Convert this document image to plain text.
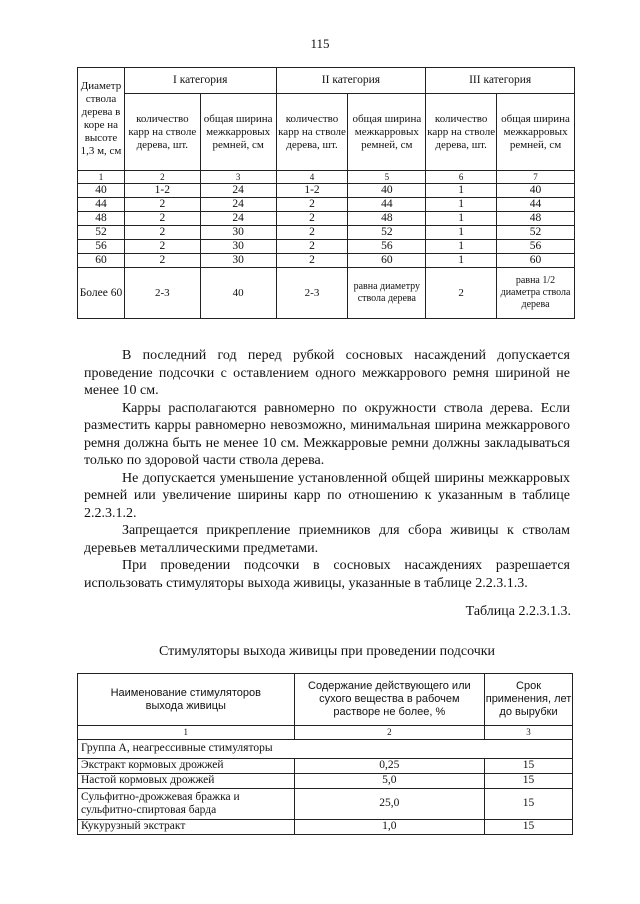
115
Диаметр ствола дерева в коре на высоте 1,3 м, см	I категория		II категория		III категория	
	количество карр на стволе дерева, шт.	общая ширина межкарровых ремней, см	количество карр на стволе дерева, шт.	общая ширина межкарровых ремней, см	количество карр на стволе дерева, шт.	общая ширина межкарровых ремней, см
1	2	3	4	5	6	7
40	1-2	24	1-2	40	1	40
44	2	24	2	44	1	44
48	2	24	2	48	1	48
52	2	30	2	52	1	52
56	2	30	2	56	1	56
60	2	30	2	60	1	60
Более 60	2-3	40	2-3	равна диаметру ствола дерева	2	равна 1/2 диаметра ствола дерева

В последний год перед рубкой сосновых насаждений допускается проведение подсочки с оставлением одного межкаррового ремня шириной не менее 10 см.

Карры располагаются равномерно по окружности ствола дерева. Если разместить карры равномерно невозможно, минимальная ширина межкаррового ремня должна быть не менее 10 см. Межкарровые ремни должны закладываться только по здоровой части ствола дерева.

Не допускается уменьшение установленной общей ширины межкарровых ремней или увеличение ширины карр по отношению к указанным в таблице 2.2.3.1.2.

Запрещается прикрепление приемников для сбора живицы к стволам деревьев металлическими предметами.

При проведении подсочки в сосновых насаждениях разрешается использовать стимуляторы выхода живицы, указанные в таблице 2.2.3.1.3.

Таблица 2.2.3.1.3.
Стимуляторы выхода живицы при проведении подсочки
Наименование стимуляторов выхода живицы	Содержание действующего или сухого вещества в рабочем растворе не более, %	Срок применения, лет до вырубки
1	2	3
Группа А, неагрессивные стимуляторы		
Экстракт кормовых дрожжей	0,25	15
Настой кормовых дрожжей	5,0	15
Сульфитно-дрожжевая бражка и сульфитно-спиртовая барда	25,0	15
Кукурузный экстракт	1,0	15
